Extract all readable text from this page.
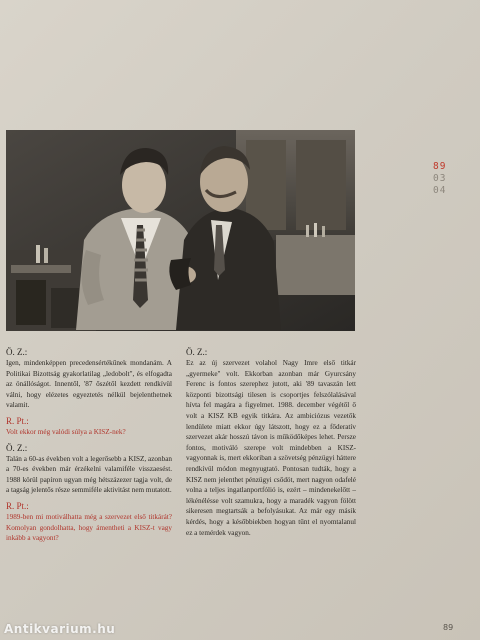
89
03
04
Ö. Z.:
Igen, mindenképpen precedensértékűnek mondanám. A Politikai Bizottság gyakorlatilag „ledobolt", és elfogadta az önállóságot. Innentől, '87 őszétől kezdett rendkívül válni, hogy elézetes egyeztetés nélkül bejelenthetnek valamit.
R. Pt.:
Volt ekkor még valódi súlya a KISZ-nek?
Ö. Z.:
Talán a 60-as években volt a legerősebb a KISZ, azonban a 70-es években már érzékelni valamiféle visszaesést. 1988 körül papíron ugyan még hétszázezer tagja volt, de a tagság jelentős része semmiféle aktivitást nem mutatott.
R. Pt.:
1989-ben mi motiválhatta még a szervezet első titkárát? Komolyan gondolhatta, hogy ámentheti a KISZ-t vagy inkább a vagyont?
Ö. Z.:
Ez az új szervezet volahol Nagy Imre első titkár „gyermeke" volt. Ekkorban azonban már Gyurcsány Ferenc is fontos szerephez jutott, aki '89 tavaszán lett központi bizottsági tilesen is csoportjes felszólalásával hívta fel magára a figyelmet. 1988. december végétől ő volt a KISZ KB egyik titkára. Az ambiciózus vezetők lendülete miatt ekkor úgy látszott, hogy ez a főderatív szervezet akár hosszú távon is működőképes lehet. Persze fontos, motiváló szerepe volt mindebben a KISZ-vagyonnak is, mert ekkoriban a szövetség pénzügyi háttere rendkívül módon megnyugtató. Pontosan tudták, hogy a KISZ nem jelenthet pénzügyi csődöt, mert nagyon odafelé volna a teljes ingatlanportfólió is, ezért – mindenekelőtt – lékénélésse volt szamukra, hogy a maradék vagyon fölött sikeresen megtartsák a befolyásukat. Az már egy másik kérdés, hogy a későbbiekben hogyan tűnt el nyomtalanul ez a temérdek vagyon.
Antikvarium.hu	89
